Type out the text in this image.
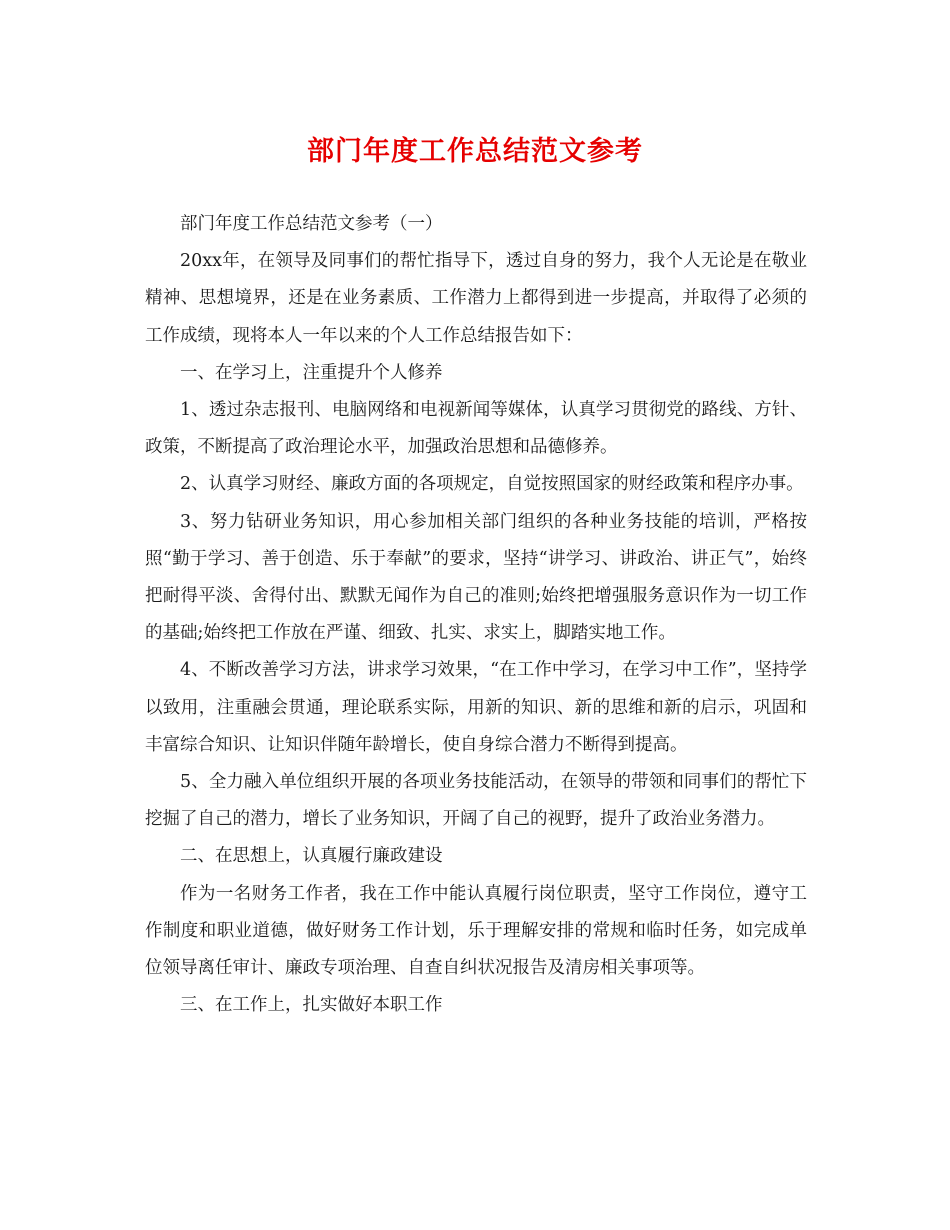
部门年度工作总结范文参考

部门年度工作总结范文参考（一）

20xx年，在领导及同事们的帮忙指导下，透过自身的努力，我个人无论是在敬业精神、思想境界，还是在业务素质、工作潜力上都得到进一步提高，并取得了必须的工作成绩，现将本人一年以来的个人工作总结报告如下：

一、在学习上，注重提升个人修养

1、透过杂志报刊、电脑网络和电视新闻等媒体，认真学习贯彻党的路线、方针、政策，不断提高了政治理论水平，加强政治思想和品德修养。

2、认真学习财经、廉政方面的各项规定，自觉按照国家的财经政策和程序办事。

3、努力钻研业务知识，用心参加相关部门组织的各种业务技能的培训，严格按照“勤于学习、善于创造、乐于奉献”的要求，坚持“讲学习、讲政治、讲正气”，始终把耐得平淡、舍得付出、默默无闻作为自己的准则;始终把增强服务意识作为一切工作的基础;始终把工作放在严谨、细致、扎实、求实上，脚踏实地工作。

4、不断改善学习方法，讲求学习效果，“在工作中学习，在学习中工作”，坚持学以致用，注重融会贯通，理论联系实际，用新的知识、新的思维和新的启示，巩固和丰富综合知识、让知识伴随年龄增长，使自身综合潜力不断得到提高。

5、全力融入单位组织开展的各项业务技能活动，在领导的带领和同事们的帮忙下挖掘了自己的潜力，增长了业务知识，开阔了自己的视野，提升了政治业务潜力。

二、在思想上，认真履行廉政建设

作为一名财务工作者，我在工作中能认真履行岗位职责，坚守工作岗位，遵守工作制度和职业道德，做好财务工作计划，乐于理解安排的常规和临时任务，如完成单位领导离任审计、廉政专项治理、自查自纠状况报告及清房相关事项等。

三、在工作上，扎实做好本职工作
